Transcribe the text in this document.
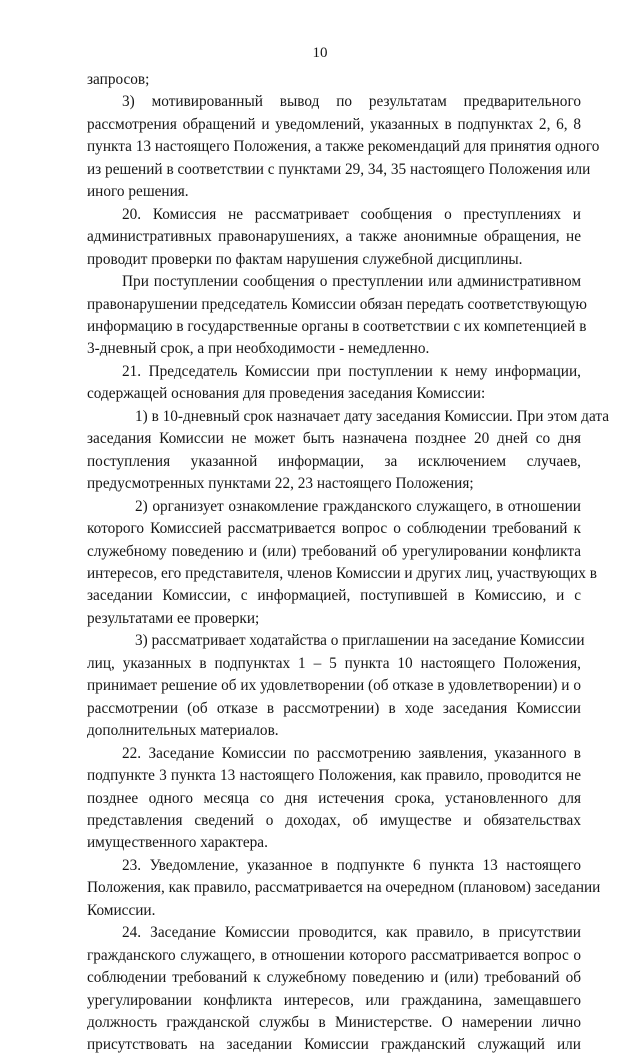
10
запросов;
3) мотивированный вывод по результатам предварительного
рассмотрения обращений и уведомлений, указанных в подпунктах 2, 6, 8
пункта 13 настоящего Положения, а также рекомендаций для принятия одного
из решений в соответствии с пунктами 29, 34, 35 настоящего Положения или
иного решения.
20. Комиссия не рассматривает сообщения о преступлениях и
административных правонарушениях, а также анонимные обращения, не
проводит проверки по фактам нарушения служебной дисциплины.
При поступлении сообщения о преступлении или административном
правонарушении председатель Комиссии обязан передать соответствующую
информацию в государственные органы в соответствии с их компетенцией в
3-дневный срок, а при необходимости - немедленно.
21. Председатель Комиссии при поступлении к нему информации,
содержащей основания для проведения заседания Комиссии:
1) в 10-дневный срок назначает дату заседания Комиссии. При этом дата
заседания Комиссии не может быть назначена позднее 20 дней со дня
поступления указанной информации, за исключением случаев,
предусмотренных пунктами 22, 23 настоящего Положения;
2) организует ознакомление гражданского служащего, в отношении
которого Комиссией рассматривается вопрос о соблюдении требований к
служебному поведению и (или) требований об урегулировании конфликта
интересов, его представителя, членов Комиссии и других лиц, участвующих в
заседании Комиссии, с информацией, поступившей в Комиссию, и с
результатами ее проверки;
3) рассматривает ходатайства о приглашении на заседание Комиссии
лиц, указанных в подпунктах 1 – 5 пункта 10 настоящего Положения,
принимает решение об их удовлетворении (об отказе в удовлетворении) и о
рассмотрении (об отказе в рассмотрении) в ходе заседания Комиссии
дополнительных материалов.
22. Заседание Комиссии по рассмотрению заявления, указанного в
подпункте 3 пункта 13 настоящего Положения, как правило, проводится не
позднее одного месяца со дня истечения срока, установленного для
представления сведений о доходах, об имуществе и обязательствах
имущественного характера.
23. Уведомление, указанное в подпункте 6 пункта 13 настоящего
Положения, как правило, рассматривается на очередном (плановом) заседании
Комиссии.
24. Заседание Комиссии проводится, как правило, в присутствии
гражданского служащего, в отношении которого рассматривается вопрос о
соблюдении требований к служебному поведению и (или) требований об
урегулировании конфликта интересов, или гражданина, замещавшего
должность гражданской службы в Министерстве. О намерении лично
присутствовать на заседании Комиссии гражданский служащий или
